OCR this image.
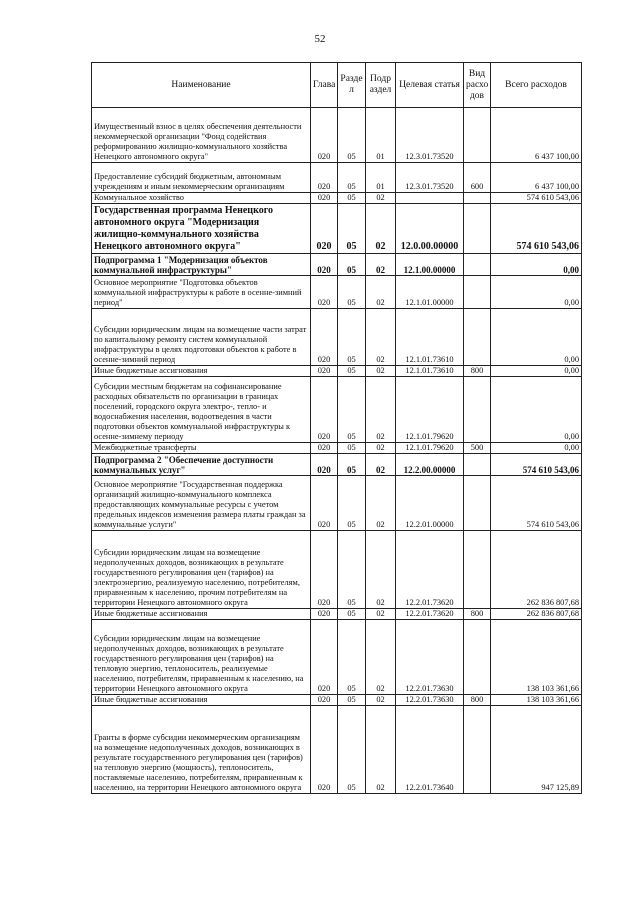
52
Наименование	Глава	Разде л	Подр аздел	Целевая статья	Вид расхо дов	Всего расходов
Имущественный взнос в целях обеспечения деятельности некоммерческой организации "Фонд содействия реформированию жилищно-коммунального хозяйства Ненецкого автономного округа"	020	05	01	12.3.01.73520		6 437 100,00
Предоставление субсидий бюджетным, автономным учреждениям и иным некоммерческим организациям	020	05	01	12.3.01.73520	600	6 437 100,00
Коммунальное хозяйство	020	05	02			574 610 543,06
Государственная программа Ненецкого автономного округа "Модернизация жилищно-коммунального хозяйства Ненецкого автономного округа"	020	05	02	12.0.00.00000		574 610 543,06
Подпрограмма 1 "Модернизация объектов коммунальной инфраструктуры"	020	05	02	12.1.00.00000		0,00
Основное мероприятие "Подготовка объектов коммунальной инфраструктуры к работе в осенне-зимний период"	020	05	02	12.1.01.00000		0,00
Субсидии юридическим лицам на возмещение части затрат по капитальному ремонту систем коммунальной инфраструктуры в целях подготовки объектов к работе в осенне-зимний период	020	05	02	12.1.01.73610		0,00
Иные бюджетные ассигнования	020	05	02	12.1.01.73610	800	0,00
Субсидии местным бюджетам на софинансирование расходных обязательств по организации в границах поселений, городского округа электро-, тепло- и водоснабжения населения, водоотведения в части подготовки объектов коммунальной инфраструктуры к осенне-зимнему периоду	020	05	02	12.1.01.79620		0,00
Межбюджетные трансферты	020	05	02	12.1.01.79620	500	0,00
Подпрограмма 2 "Обеспечение доступности коммунальных услуг"	020	05	02	12.2.00.00000		574 610 543,06
Основное мероприятие "Государственная поддержка организаций жилищно-коммунального комплекса предоставляющих коммунальные ресурсы с учетом предельных индексов изменения размера платы граждан за коммунальные услуги"	020	05	02	12.2.01.00000		574 610 543,06
Субсидии юридическим лицам на возмещение недополученных доходов, возникающих в результате государственного регулирования цен (тарифов) на электроэнергию, реализуемую населению, потребителям, приравненным к населению, прочим потребителям на территории Ненецкого автономного округа	020	05	02	12.2.01.73620		262 836 807,68
Иные бюджетные ассигнования	020	05	02	12.2.01.73620	800	262 836 807,68
Субсидии юридическим лицам на возмещение недополученных доходов, возникающих в результате государственного регулирования цен (тарифов) на тепловую энергию, теплоноситель, реализуемые населению, потребителям, приравненным к населению, на территории Ненецкого автономного округа	020	05	02	12.2.01.73630		138 103 361,66
Иные бюджетные ассигнования	020	05	02	12.2.01.73630	800	138 103 361,66
Гранты в форме субсидии некоммерческим организациям на возмещение недополученных доходов, возникающих в результате государственного регулирования цен (тарифов) на тепловую энергию (мощность), теплоноситель, поставляемые населению, потребителям, приравненным к населению, на территории Ненецкого автономного округа	020	05	02	12.2.01.73640		947 125,89
